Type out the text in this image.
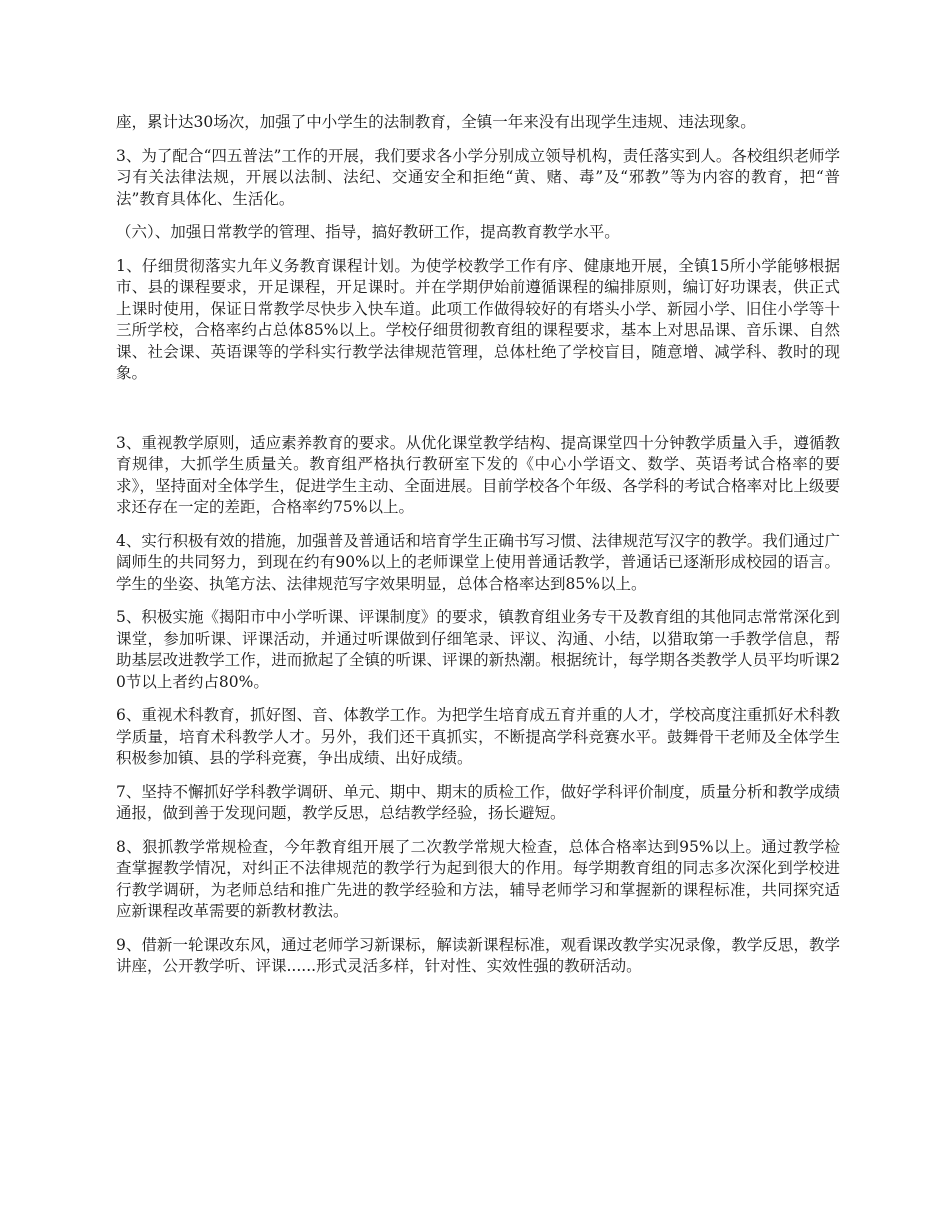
座，累计达30场次，加强了中小学生的法制教育，全镇一年来没有出现学生违规、违法现象。

3、为了配合“四五普法”工作的开展，我们要求各小学分别成立领导机构，责任落实到人。各校组织老师学习有关法律法规，开展以法制、法纪、交通安全和拒绝“黄、赌、毒”及“邪教”等为内容的教育，把“普法”教育具体化、生活化。

（六）、加强日常教学的管理、指导，搞好教研工作，提高教育教学水平。

1、仔细贯彻落实九年义务教育课程计划。为使学校教学工作有序、健康地开展，全镇15所小学能够根据市、县的课程要求，开足课程，开足课时。并在学期伊始前遵循课程的编排原则，编订好功课表，供正式上课时使用，保证日常教学尽快步入快车道。此项工作做得较好的有塔头小学、新园小学、旧住小学等十三所学校，合格率约占总体85%以上。学校仔细贯彻教育组的课程要求，基本上对思品课、音乐课、自然课、社会课、英语课等的学科实行教学法律规范管理，总体杜绝了学校盲目，随意增、减学科、教时的现象。

3、重视教学原则，适应素养教育的要求。从优化课堂教学结构、提高课堂四十分钟教学质量入手，遵循教育规律，大抓学生质量关。教育组严格执行教研室下发的《中心小学语文、数学、英语考试合格率的要求》，坚持面对全体学生，促进学生主动、全面进展。目前学校各个年级、各学科的考试合格率对比上级要求还存在一定的差距，合格率约75%以上。

4、实行积极有效的措施，加强普及普通话和培育学生正确书写习惯、法律规范写汉字的教学。我们通过广阔师生的共同努力，到现在约有90%以上的老师课堂上使用普通话教学，普通话已逐渐形成校园的语言。学生的坐姿、执笔方法、法律规范写字效果明显，总体合格率达到85%以上。

5、积极实施《揭阳市中小学听课、评课制度》的要求，镇教育组业务专干及教育组的其他同志常常深化到课堂，参加听课、评课活动，并通过听课做到仔细笔录、评议、沟通、小结，以猎取第一手教学信息，帮助基层改进教学工作，进而掀起了全镇的听课、评课的新热潮。根据统计，每学期各类教学人员平均听课20节以上者约占80%。

6、重视术科教育，抓好图、音、体教学工作。为把学生培育成五育并重的人才，学校高度注重抓好术科教学质量，培育术科教学人才。另外，我们还干真抓实，不断提高学科竞赛水平。鼓舞骨干老师及全体学生积极参加镇、县的学科竞赛，争出成绩、出好成绩。

7、坚持不懈抓好学科教学调研、单元、期中、期末的质检工作，做好学科评价制度，质量分析和教学成绩通报，做到善于发现问题，教学反思，总结教学经验，扬长避短。

8、狠抓教学常规检查，今年教育组开展了二次教学常规大检查，总体合格率达到95%以上。通过教学检查掌握教学情况，对纠正不法律规范的教学行为起到很大的作用。每学期教育组的同志多次深化到学校进行教学调研，为老师总结和推广先进的教学经验和方法，辅导老师学习和掌握新的课程标准，共同探究适应新课程改革需要的新教材教法。

9、借新一轮课改东风，通过老师学习新课标，解读新课程标准，观看课改教学实况录像，教学反思，教学讲座，公开教学听、评课......形式灵活多样，针对性、实效性强的教研活动。
